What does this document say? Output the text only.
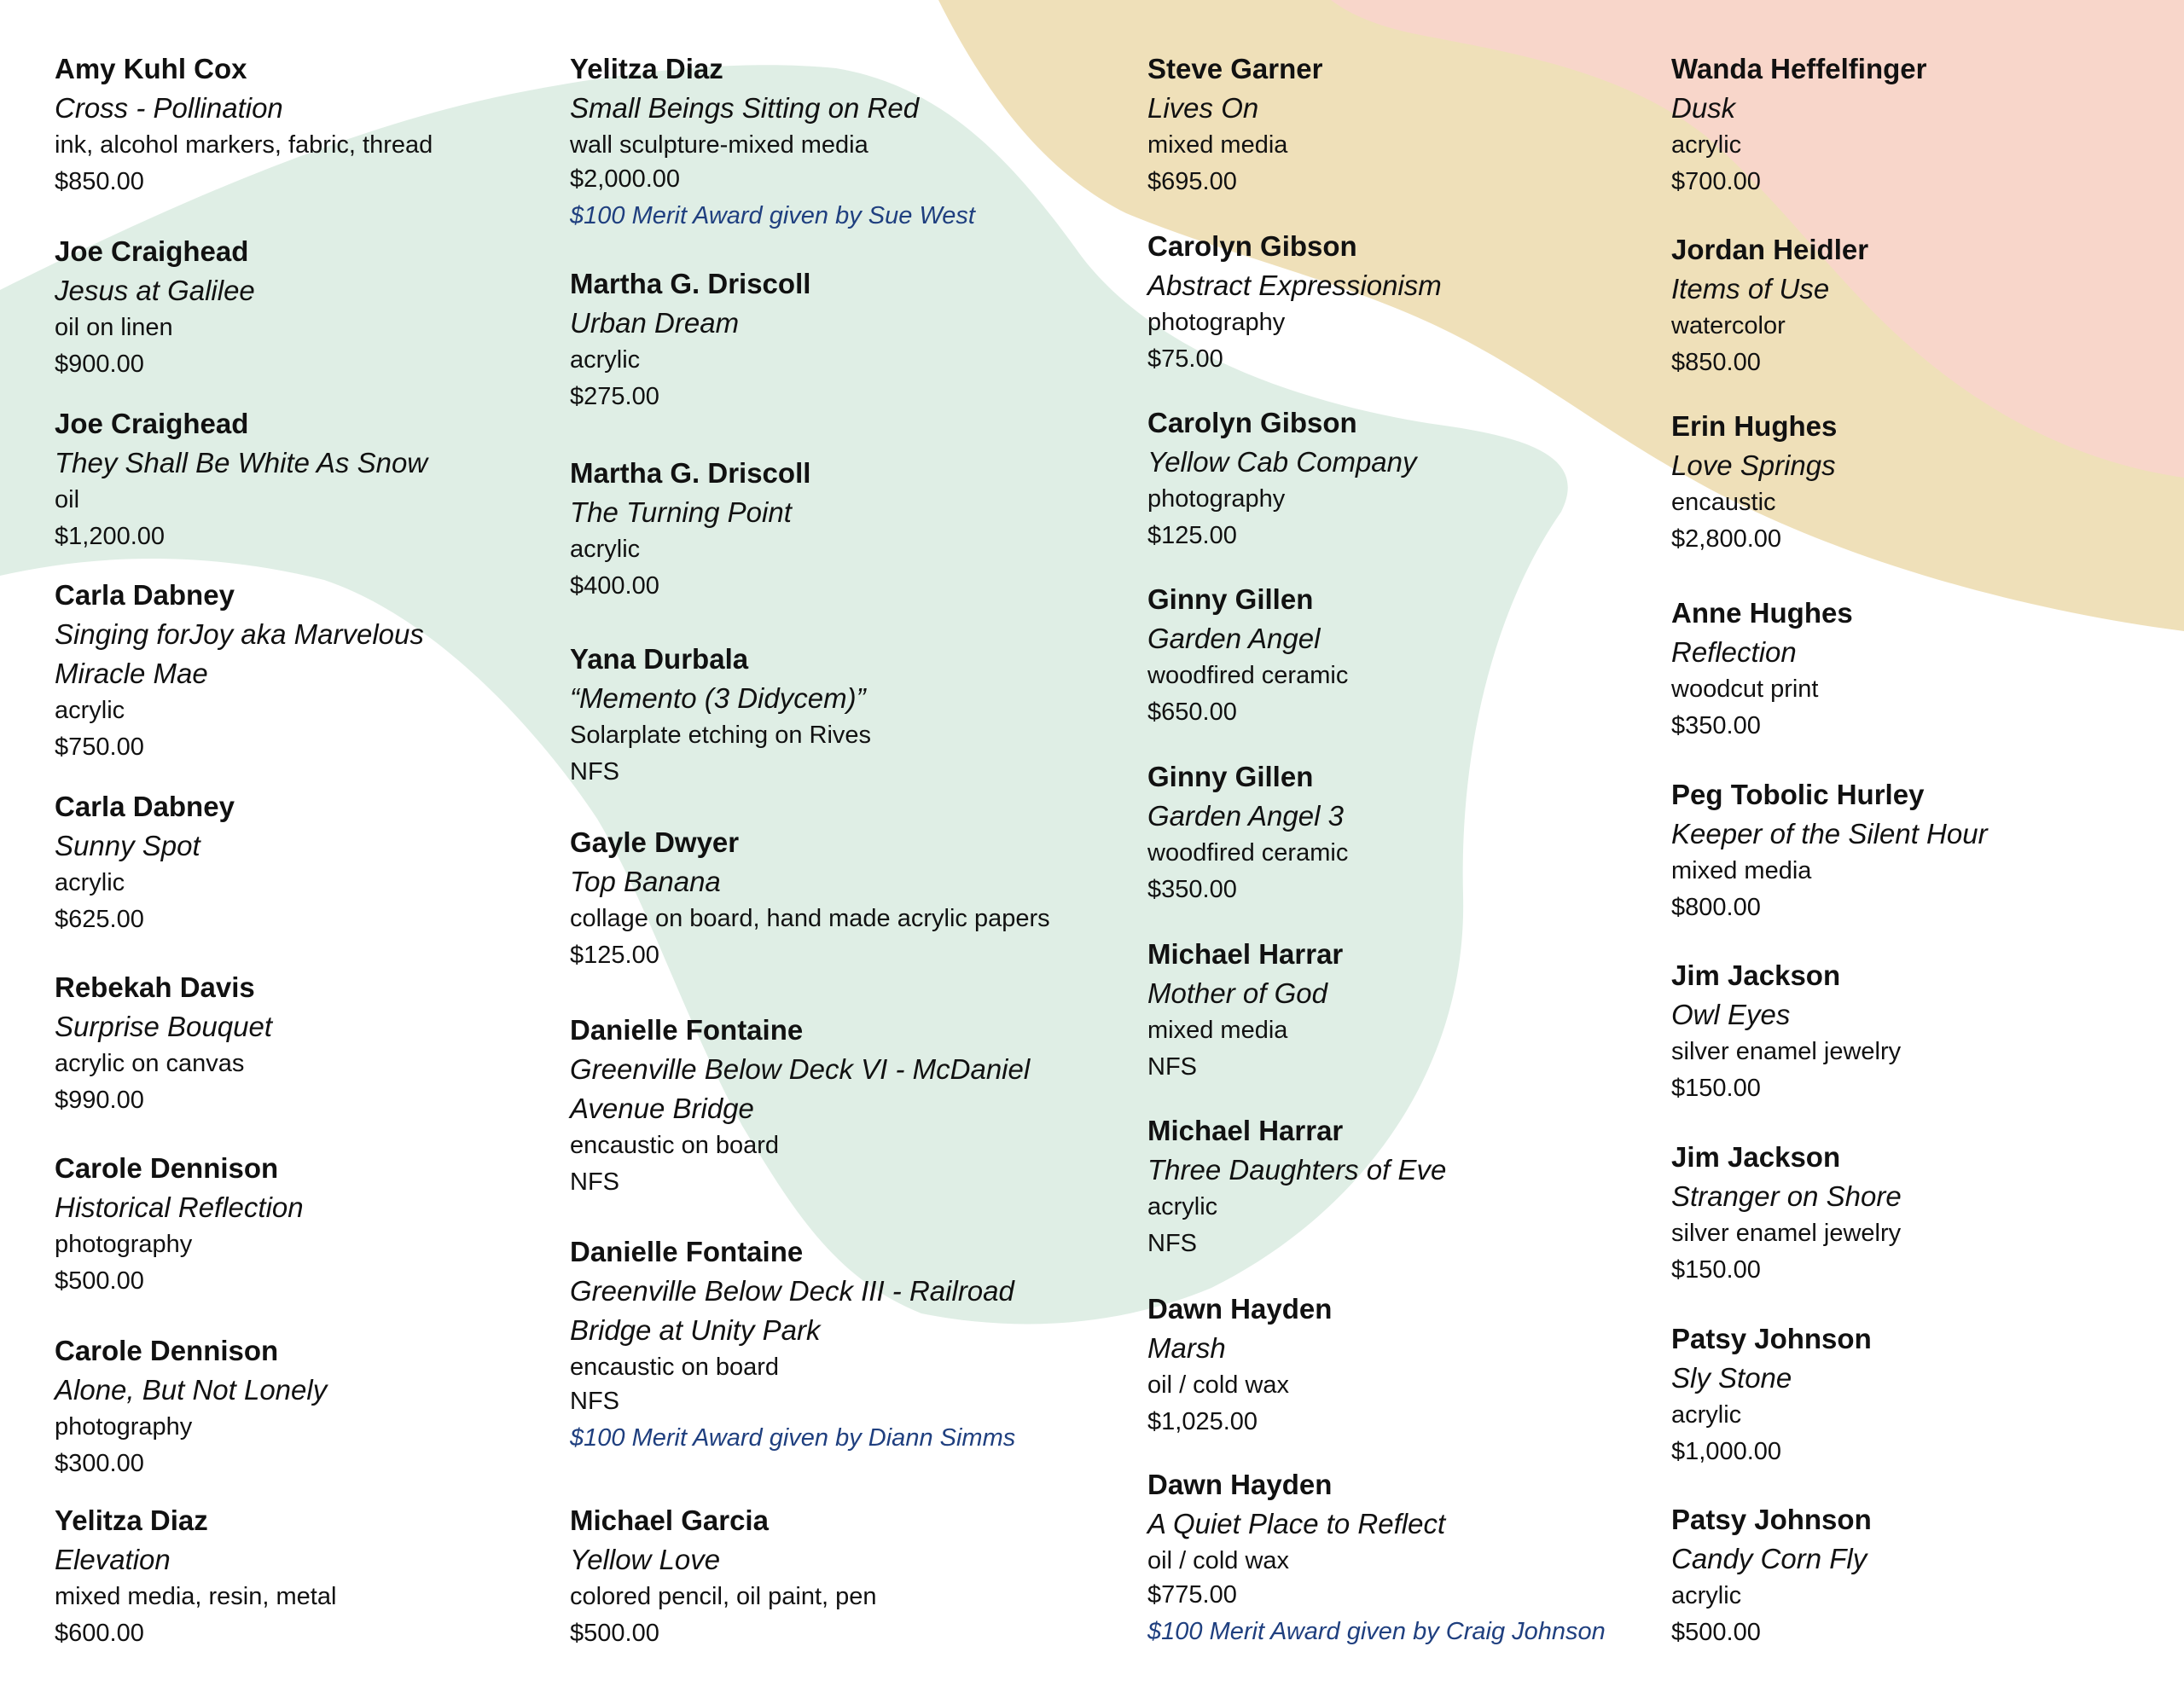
Amy Kuhl Cox
Cross - Pollination
ink, alcohol markers, fabric, thread
$850.00
Joe Craighead
Jesus at Galilee
oil on linen
$900.00
Joe Craighead
They Shall Be White As Snow
oil
$1,200.00
Carla Dabney
Singing forJoy aka Marvelous
Miracle Mae
acrylic
$750.00
Carla Dabney
Sunny Spot
acrylic
$625.00
Rebekah Davis
Surprise Bouquet
acrylic on canvas
$990.00
Carole Dennison
Historical Reflection
photography
$500.00
Carole Dennison
Alone, But Not Lonely
photography
$300.00
Yelitza Diaz
Elevation
mixed media, resin, metal
$600.00
Yelitza Diaz
Small Beings Sitting on Red
wall sculpture-mixed media
$2,000.00
$100 Merit Award given by Sue West
Martha G. Driscoll
Urban Dream
acrylic
$275.00
Martha G. Driscoll
The Turning Point
acrylic
$400.00
Yana Durbala
“Memento (3 Didycem)”
Solarplate etching on Rives
NFS
Gayle Dwyer
Top Banana
collage on board, hand made acrylic papers
$125.00
Danielle Fontaine
Greenville Below Deck VI - McDaniel
Avenue Bridge
encaustic on board
NFS
Danielle Fontaine
Greenville Below Deck III - Railroad
Bridge at Unity Park
encaustic on board
NFS
$100 Merit Award given by Diann Simms
Michael Garcia
Yellow Love
colored pencil, oil paint, pen
$500.00
Steve Garner
Lives On
mixed media
$695.00
Carolyn Gibson
Abstract Expressionism
photography
$75.00
Carolyn Gibson
Yellow Cab Company
photography
$125.00
Ginny Gillen
Garden Angel
woodfired ceramic
$650.00
Ginny Gillen
Garden Angel 3
woodfired ceramic
$350.00
Michael Harrar
Mother of God
mixed media
NFS
Michael Harrar
Three Daughters of Eve
acrylic
NFS
Dawn Hayden
Marsh
oil / cold wax
$1,025.00
Dawn Hayden
A Quiet Place to Reflect
oil / cold wax
$775.00
$100 Merit Award given by Craig Johnson
Wanda Heffelfinger
Dusk
acrylic
$700.00
Jordan Heidler
Items of Use
watercolor
$850.00
Erin Hughes
Love Springs
encaustic
$2,800.00
Anne Hughes
Reflection
woodcut print
$350.00
Peg Tobolic Hurley
Keeper of the Silent Hour
mixed media
$800.00
Jim Jackson
Owl Eyes
silver enamel jewelry
$150.00
Jim Jackson
Stranger on Shore
silver enamel jewelry
$150.00
Patsy Johnson
Sly Stone
acrylic
$1,000.00
Patsy Johnson
Candy Corn Fly
acrylic
$500.00
